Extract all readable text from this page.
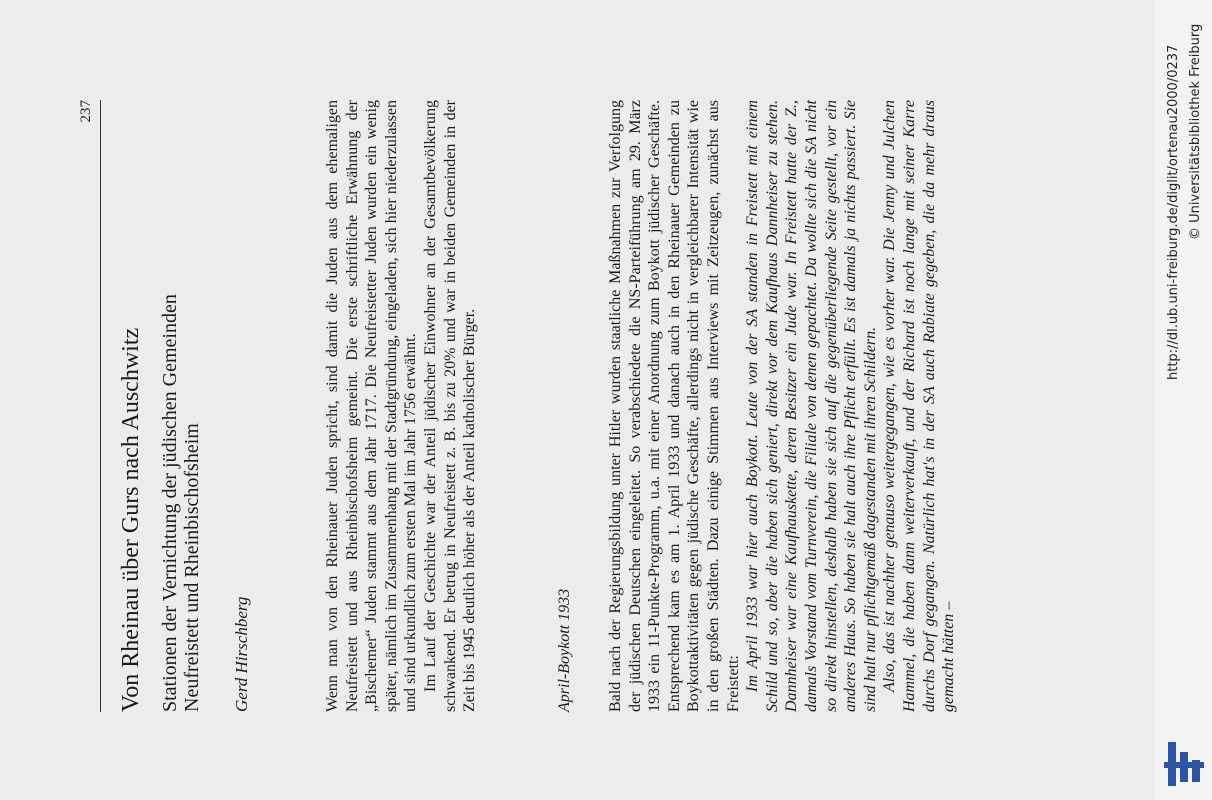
237
Von Rheinau über Gurs nach Auschwitz Stationen der Vernichtung der jüdischen Gemeinden Neufreistett und Rheinbischofsheim Gerd Hirschberg	Wenn man von den Rheinauer Juden spricht, sind damit die Juden aus dem ehemaligen Neufreistett und aus Rheinbischofsheim gemeint. Die erste schriftliche Erwähnung der „Bischemer“ Juden stammt aus dem Jahr 1717. Die Neufreistetter Juden wurden ein wenig später, nämlich im Zusammenhang mit der Stadtgründung, eingeladen, sich hier niederzulassen und sind urkundlich zum ersten Mal im Jahr 1756 erwähnt. Im Lauf der Geschichte war der Anteil jüdischer Einwohner an der Gesamtbevölkerung schwankend. Er betrug in Neufreistett z. B. bis zu 20% und war in beiden Gemeinden in der Zeit bis 1945 deutlich höher als der Anteil katholischer Bürger.	April-Boykott 1933 Bald nach der Regierungsbildung unter Hitler wurden staatliche Maßnahmen zur Verfolgung der jüdischen Deutschen eingeleitet. So verabschiedete die NS-Parteiführung am 29. März 1933 ein 11-Punkte-Programm, u.a. mit einer Anordnung zum Boykott jüdischer Geschäfte. Entsprechend kam es am 1. April 1933 und danach auch in den Rheinauer Gemeinden zu Boykottaktivitäten gegen jüdische Geschäfte, allerdings nicht in vergleichbarer Intensität wie in den großen Städten. Dazu einige Stimmen aus Interviews mit Zeitzeugen, zunächst aus Freistett: Im April 1933 war hier auch Boykott. Leute von der SA standen in Freistett mit einem Schild und so, aber die haben sich geniert, direkt vor dem Kaufhaus Dannheiser zu stehen. Dannheiser war eine Kaufhauskette, deren Besitzer ein Jude war. In Freistett hatte der Z., damals Vorstand vom Turnverein, die Filiale von denen gepachtet. Da wollte sich die SA nicht so direkt hinstellen, deshalb haben sie sich auf die gegenüberliegende Seite gestellt, vor ein anderes Haus. So haben sie halt auch ihre Pflicht erfüllt. Es ist damals ja nichts passiert. Sie sind halt nur pflichtgemäß dagestanden mit ihren Schildern. Also, das ist nachher genauso weitergegangen, wie es vorher war. Die Jenny und Julchen Hammel, die haben dann weiterverkauft, und der Richard ist noch lange mit seiner Karre durchs Dorf gegangen. Natürlich hat's in der SA auch Rabiate gegeben, die da mehr draus gemacht hätten –

http://dl.ub.uni-freiburg.de/diglit/ortenau2000/0237 © Universitätsbibliothek Freiburg
